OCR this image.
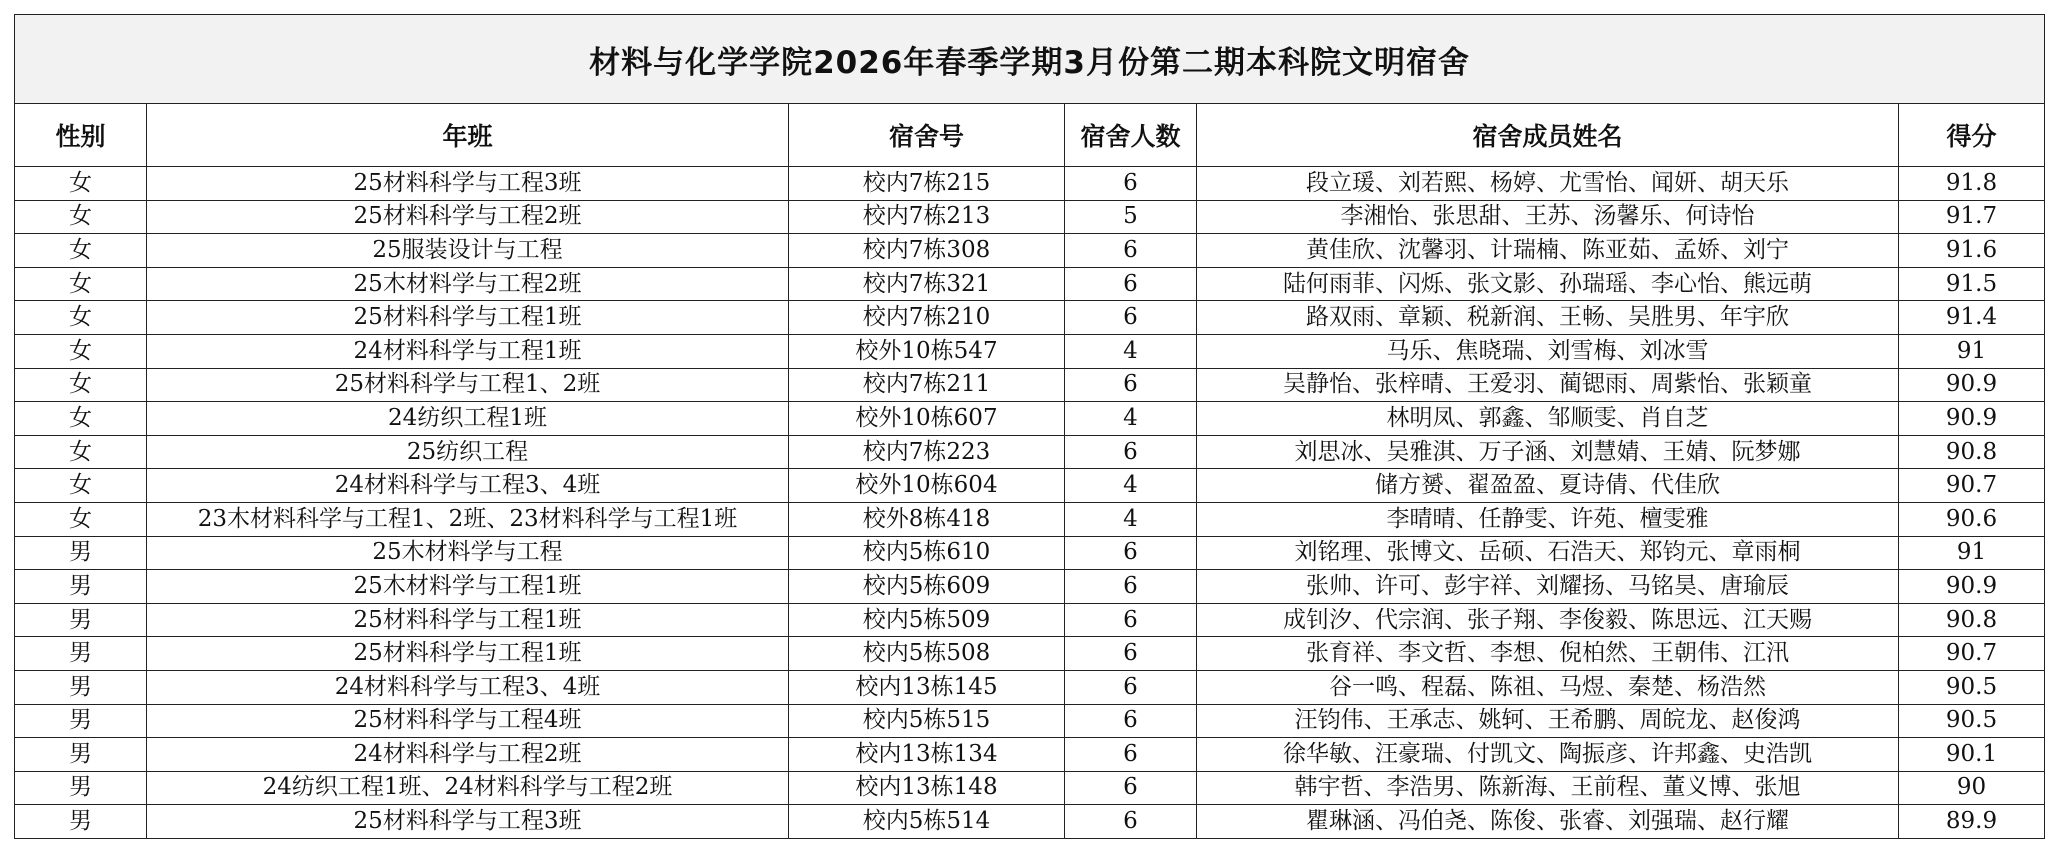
材料与化学学院2026年春季学期3月份第二期本科院文明宿舍					
性别	年班	宿舍号	宿舍人数	宿舍成员姓名	得分
女	25材料科学与工程3班	校内7栋215	6	段立瑗、刘若熙、杨婷、尤雪怡、闻妍、胡天乐	91.8
女	25材料科学与工程2班	校内7栋213	5	李湘怡、张思甜、王苏、汤馨乐、何诗怡	91.7
女	25服装设计与工程	校内7栋308	6	黄佳欣、沈馨羽、计瑞楠、陈亚茹、孟娇、刘宁	91.6
女	25木材料学与工程2班	校内7栋321	6	陆何雨菲、闪烁、张文影、孙瑞瑶、李心怡、熊远萌	91.5
女	25材料科学与工程1班	校内7栋210	6	路双雨、章颖、税新润、王畅、吴胜男、年宇欣	91.4
女	24材料科学与工程1班	校外10栋547	4	马乐、焦晓瑞、刘雪梅、刘冰雪	91
女	25材料科学与工程1、2班	校内7栋211	6	吴静怡、张梓晴、王爱羽、蔺锶雨、周紫怡、张颖童	90.9
女	24纺织工程1班	校外10栋607	4	林明凤、郭鑫、邹顺雯、肖自芝	90.9
女	25纺织工程	校内7栋223	6	刘思冰、吴雅淇、万子涵、刘慧婧、王婧、阮梦娜	90.8
女	24材料科学与工程3、4班	校外10栋604	4	储方赟、翟盈盈、夏诗倩、代佳欣	90.7
女	23木材料科学与工程1、2班、23材料科学与工程1班	校外8栋418	4	李晴晴、任静雯、许苑、檀雯雅	90.6
男	25木材料学与工程	校内5栋610	6	刘铭理、张博文、岳硕、石浩天、郑钧元、章雨桐	91
男	25木材料学与工程1班	校内5栋609	6	张帅、许可、彭宇祥、刘耀扬、马铭昊、唐瑜辰	90.9
男	25材料科学与工程1班	校内5栋509	6	成钊汐、代宗润、张子翔、李俊毅、陈思远、江天赐	90.8
男	25材料科学与工程1班	校内5栋508	6	张育祥、李文哲、李想、倪柏然、王朝伟、江汛	90.7
男	24材料科学与工程3、4班	校内13栋145	6	谷一鸣、程磊、陈祖、马煜、秦楚、杨浩然	90.5
男	25材料科学与工程4班	校内5栋515	6	汪钧伟、王承志、姚轲、王希鹏、周皖龙、赵俊鸿	90.5
男	24材料科学与工程2班	校内13栋134	6	徐华敏、汪豪瑞、付凯文、陶振彦、许邦鑫、史浩凯	90.1
男	24纺织工程1班、24材料科学与工程2班	校内13栋148	6	韩宇哲、李浩男、陈新海、王前程、董义博、张旭	90
男	25材料科学与工程3班	校内5栋514	6	瞿琳涵、冯伯尧、陈俊、张睿、刘强瑞、赵行耀	89.9
